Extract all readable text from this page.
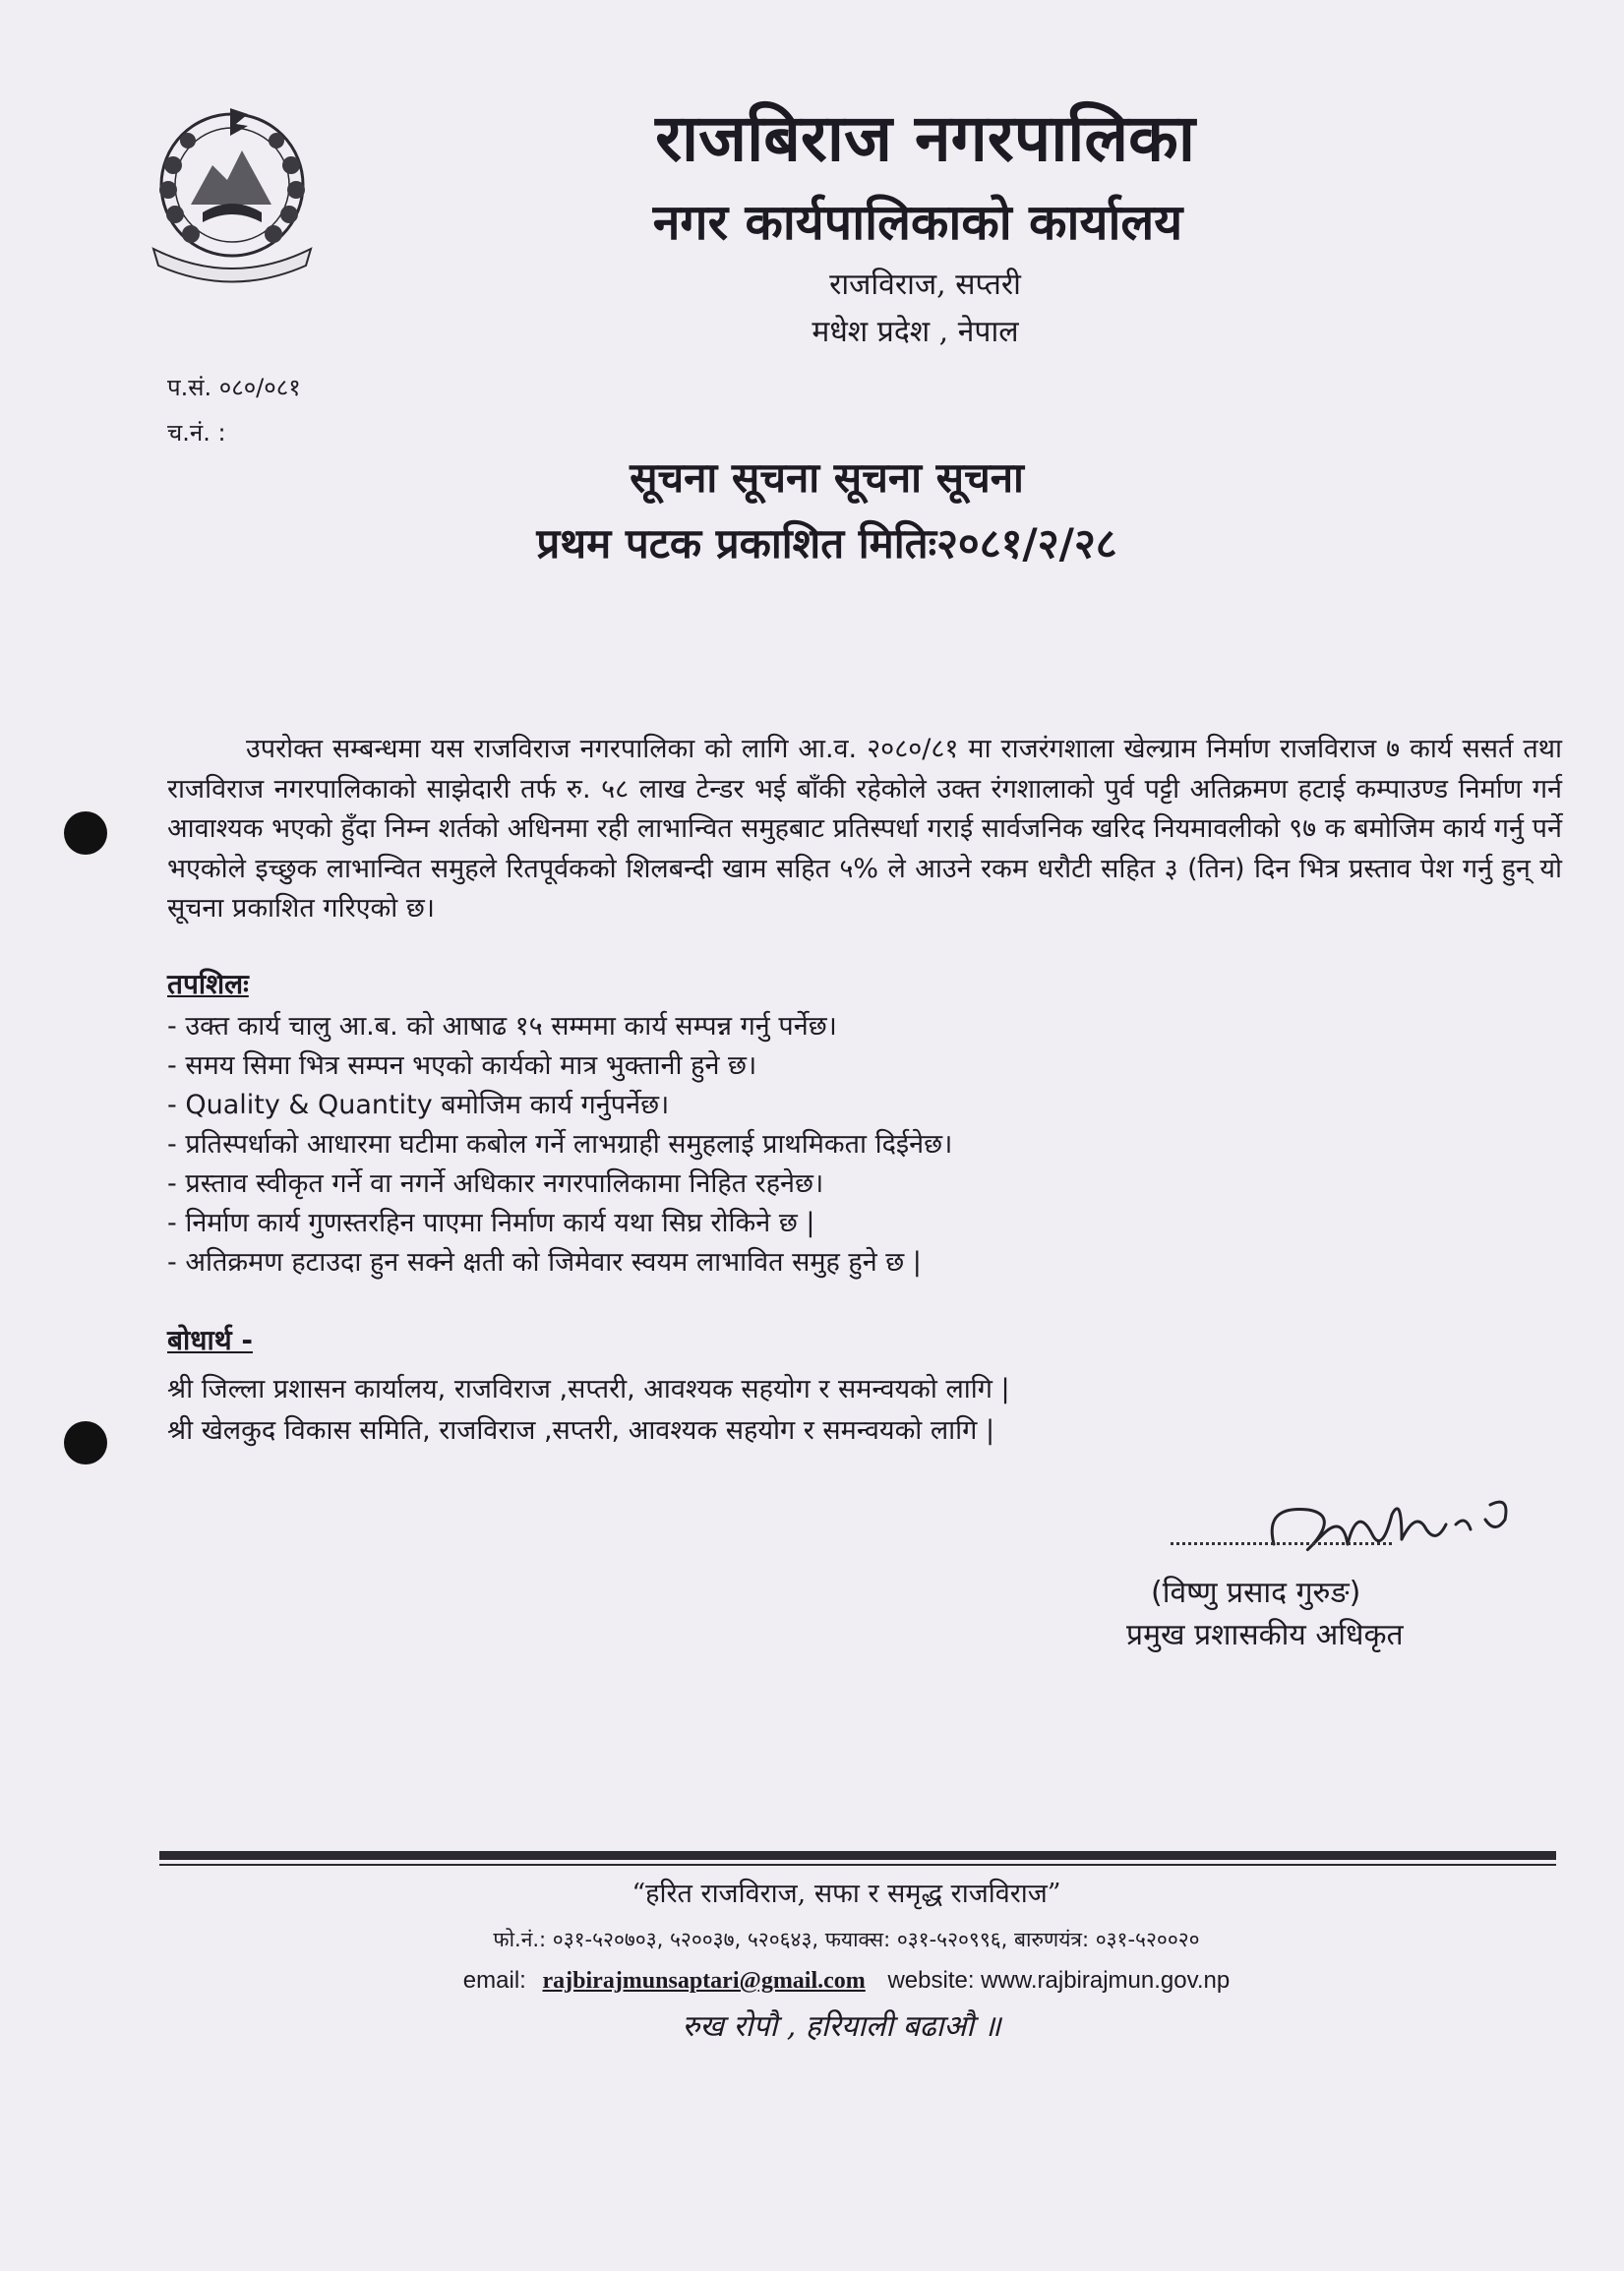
राजबिराज नगरपालिका
नगर कार्यपालिकाको कार्यालय
राजविराज, सप्तरी
मधेश प्रदेश , नेपाल
प.सं. ०८०/०८१
च.नं. :
सूचना सूचना सूचना सूचना
प्रथम पटक प्रकाशित मितिः२०८१/२/२८
उपरोक्त सम्बन्धमा यस राजविराज नगरपालिका को लागि आ.व. २०८०/८१ मा राजरंगशाला खेल्ग्राम निर्माण राजविराज ७ कार्य ससर्त तथा राजविराज नगरपालिकाको साझेदारी तर्फ रु. ५८ लाख टेन्डर भई बाँकी रहेकोले उक्त रंगशालाको पुर्व पट्टी अतिक्रमण हटाई कम्पाउण्ड निर्माण गर्न आवाश्यक भएको हुँदा निम्न शर्तको अधिनमा रही लाभान्वित समुहबाट प्रतिस्पर्धा गराई सार्वजनिक खरिद नियमावलीको ९७ क बमोजिम कार्य गर्नु पर्ने भएकोले इच्छुक लाभान्वित समुहले रितपूर्वकको शिलबन्दी खाम सहित ५% ले आउने रकम धरौटी सहित ३ (तिन) दिन भित्र प्रस्ताव पेश गर्नु हुन् यो सूचना प्रकाशित गरिएको छ।
तपशिलः
- उक्त कार्य चालु आ.ब. को आषाढ १५ सम्ममा कार्य सम्पन्न गर्नु पर्नेछ।
- समय सिमा भित्र सम्पन भएको कार्यको मात्र भुक्तानी हुने छ।
- Quality & Quantity बमोजिम कार्य गर्नुपर्नेछ।
- प्रतिस्पर्धाको आधारमा घटीमा कबोल गर्ने लाभग्राही समुहलाई प्राथमिकता दिईनेछ।
- प्रस्ताव स्वीकृत गर्ने वा नगर्ने अधिकार नगरपालिकामा निहित रहनेछ।
- निर्माण कार्य गुणस्तरहिन पाएमा निर्माण कार्य यथा सिघ्र रोकिने छ |
- अतिक्रमण हटाउदा हुन सक्ने क्षती को जिमेवार स्वयम लाभावित समुह हुने छ |
बोधार्थ -
श्री जिल्ला प्रशासन कार्यालय, राजविराज ,सप्तरी, आवश्यक सहयोग र समन्वयको लागि |
श्री खेलकुद विकास समिति, राजविराज ,सप्तरी, आवश्यक सहयोग र समन्वयको लागि |
(विष्णु प्रसाद गुरुङ)
प्रमुख प्रशासकीय अधिकृत
“हरित राजविराज, सफा र समृद्ध राजविराज”
फो.नं.: ०३१-५२०७०३, ५२००३७, ५२०६४३, फयाक्स: ०३१-५२०९९६, बारुणयंत्र: ०३१-५२००२०
email: rajbirajmunsaptari@gmail.com website: www.rajbirajmun.gov.np
रुख रोपौ , हरियाली बढाऔ ॥
